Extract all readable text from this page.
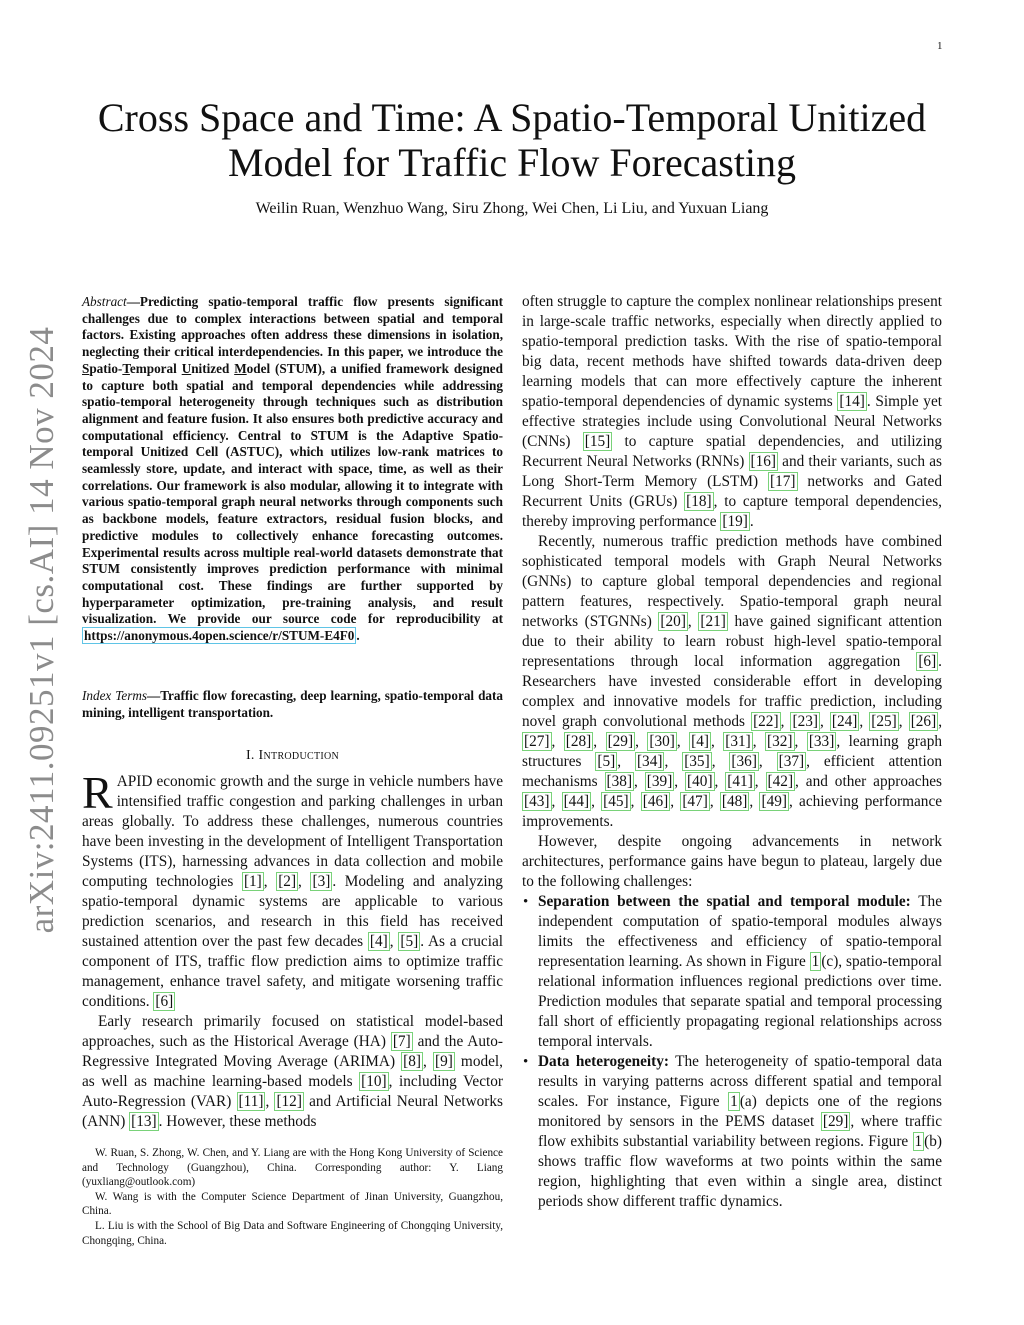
1
arXiv:2411.09251v1 [cs.AI] 14 Nov 2024
Cross Space and Time: A Spatio-Temporal Unitized Model for Traffic Flow Forecasting
Weilin Ruan, Wenzhuo Wang, Siru Zhong, Wei Chen, Li Liu, and Yuxuan Liang
Abstract—Predicting spatio-temporal traffic flow presents significant challenges due to complex interactions between spatial and temporal factors. Existing approaches often address these dimensions in isolation, neglecting their critical interdependencies. In this paper, we introduce the Spatio-Temporal Unitized Model (STUM), a unified framework designed to capture both spatial and temporal dependencies while addressing spatio-temporal heterogeneity through techniques such as distribution alignment and feature fusion. It also ensures both predictive accuracy and computational efficiency. Central to STUM is the Adaptive Spatio-temporal Unitized Cell (ASTUC), which utilizes low-rank matrices to seamlessly store, update, and interact with space, time, as well as their correlations. Our framework is also modular, allowing it to integrate with various spatio-temporal graph neural networks through components such as backbone models, feature extractors, residual fusion blocks, and predictive modules to collectively enhance forecasting outcomes. Experimental results across multiple real-world datasets demonstrate that STUM consistently improves prediction performance with minimal computational cost. These findings are further supported by hyperparameter optimization, pre-training analysis, and result visualization. We provide our source code for reproducibility at https://anonymous.4open.science/r/STUM-E4F0 .
Index Terms—Traffic flow forecasting, deep learning, spatio-temporal data mining, intelligent transportation.
I. Introduction

RAPID economic growth and the surge in vehicle numbers have intensified traffic congestion and parking challenges in urban areas globally. To address these challenges, numerous countries have been investing in the development of Intelligent Transportation Systems (ITS), harnessing advances in data collection and mobile computing technologies [1] , [2] , [3] . Modeling and analyzing spatio-temporal dynamic systems are applicable to various prediction scenarios, and research in this field has received sustained attention over the past few decades [4] , [5] . As a crucial component of ITS, traffic flow prediction aims to optimize traffic management, enhance travel safety, and mitigate worsening traffic conditions. [6]

Early research primarily focused on statistical model-based approaches, such as the Historical Average (HA) [7] and the Auto-Regressive Integrated Moving Average (ARIMA) [8] , [9] model, as well as machine learning-based models [10] , including Vector Auto-Regression (VAR) [11] , [12] and Artificial Neural Networks (ANN) [13] . However, these methods

W. Ruan, S. Zhong, W. Chen, and Y. Liang are with the Hong Kong University of Science and Technology (Guangzhou), China. Corresponding author: Y. Liang (yuxliang@outlook.com)

W. Wang is with the Computer Science Department of Jinan University, Guangzhou, China.

L. Liu is with the School of Big Data and Software Engineering of Chongqing University, Chongqing, China.

often struggle to capture the complex nonlinear relationships present in large-scale traffic networks, especially when directly applied to spatio-temporal prediction tasks. With the rise of spatio-temporal big data, recent methods have shifted towards data-driven deep learning models that can more effectively capture the inherent spatio-temporal dependencies of dynamic systems [14] . Simple yet effective strategies include using Convolutional Neural Networks (CNNs) [15] to capture spatial dependencies, and utilizing Recurrent Neural Networks (RNNs) [16] and their variants, such as Long Short-Term Memory (LSTM) [17] networks and Gated Recurrent Units (GRUs) [18] , to capture temporal dependencies, thereby improving performance [19] .

Recently, numerous traffic prediction methods have combined sophisticated temporal models with Graph Neural Networks (GNNs) to capture global temporal dependencies and regional pattern features, respectively. Spatio-temporal graph neural networks (STGNNs) [20] , [21] have gained significant attention due to their ability to learn robust high-level spatio-temporal representations through local information aggregation [6] . Researchers have invested considerable effort in developing complex and innovative models for traffic prediction, including novel graph convolutional methods [22] , [23] , [24] , [25] , [26] , [27] , [28] , [29] , [30] , [4] , [31] , [32] , [33] , learning graph structures [5] , [34] , [35] , [36] , [37] , efficient attention mechanisms [38] , [39] , [40] , [41] , [42] , and other approaches [43] , [44] , [45] , [46] , [47] , [48] , [49] , achieving performance improvements.

However, despite ongoing advancements in network architectures, performance gains have begun to plateau, largely due to the following challenges:

• Separation between the spatial and temporal module: The independent computation of spatio-temporal modules always limits the effectiveness and efficiency of spatio-temporal representation learning. As shown in Figure 1 (c), spatio-temporal relational information influences regional predictions over time. Prediction modules that separate spatial and temporal processing fall short of efficiently propagating regional relationships across temporal intervals.
• Data heterogeneity: The heterogeneity of spatio-temporal data results in varying patterns across different spatial and temporal scales. For instance, Figure 1 (a) depicts one of the regions monitored by sensors in the PEMS dataset [29] , where traffic flow exhibits substantial variability between regions. Figure 1 (b) shows traffic flow waveforms at two points within the same region, highlighting that even within a single area, distinct periods show different traffic dynamics.
